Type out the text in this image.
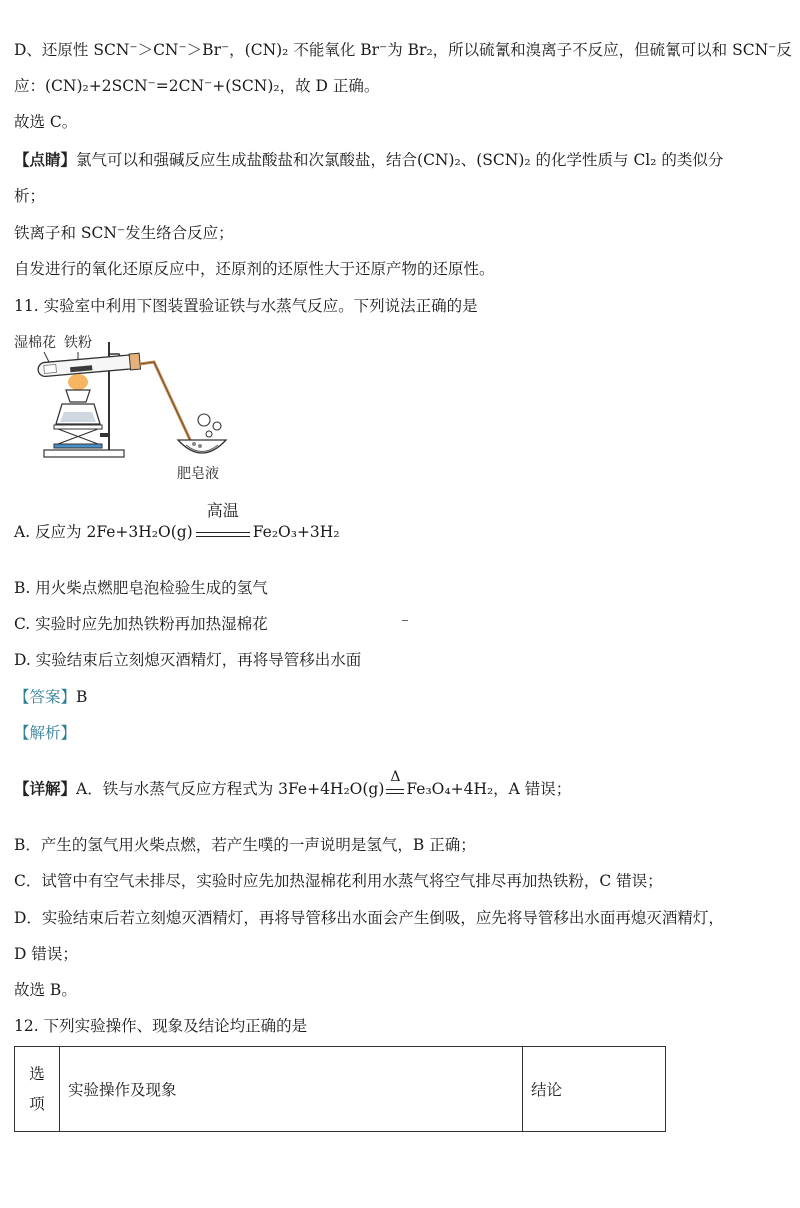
D、还原性 SCN⁻＞CN⁻＞Br⁻，(CN)₂ 不能氧化 Br⁻为 Br₂，所以硫氰和溴离子不反应，但硫氰可以和 SCN⁻反
应：(CN)₂+2SCN⁻=2CN⁻+(SCN)₂，故 D 正确。
故选 C。
【点睛】氯气可以和强碱反应生成盐酸盐和次氯酸盐，结合(CN)₂、(SCN)₂ 的化学性质与 Cl₂ 的类似分
析；
铁离子和 SCN⁻发生络合反应；
自发进行的氧化还原反应中，还原剂的还原性大于还原产物的还原性。
11. 实验室中利用下图装置验证铁与水蒸气反应。下列说法正确的是
湿棉花 铁粉
肥皂液
A. 反应为 2Fe+3H₂O(g)
高温
Fe₂O₃+3H₂
B. 用火柴点燃肥皂泡检验生成的氢气
C. 实验时应先加热铁粉再加热湿棉花
D. 实验结束后立刻熄灭酒精灯，再将导管移出水面
【答案】B
【解析】
【详解】A．铁与水蒸气反应方程式为 3Fe+4H₂O(g)
Δ
Fe₃O₄+4H₂，A 错误；
B．产生的氢气用火柴点燃，若产生噗的一声说明是氢气，B 正确；
C．试管中有空气未排尽，实验时应先加热湿棉花利用水蒸气将空气排尽再加热铁粉，C 错误；
D．实验结束后若立刻熄灭酒精灯，再将导管移出水面会产生倒吸，应先将导管移出水面再熄灭酒精灯，
D 错误；
故选 B。
12. 下列实验操作、现象及结论均正确的是
选
项
	实验操作及现象	结论
